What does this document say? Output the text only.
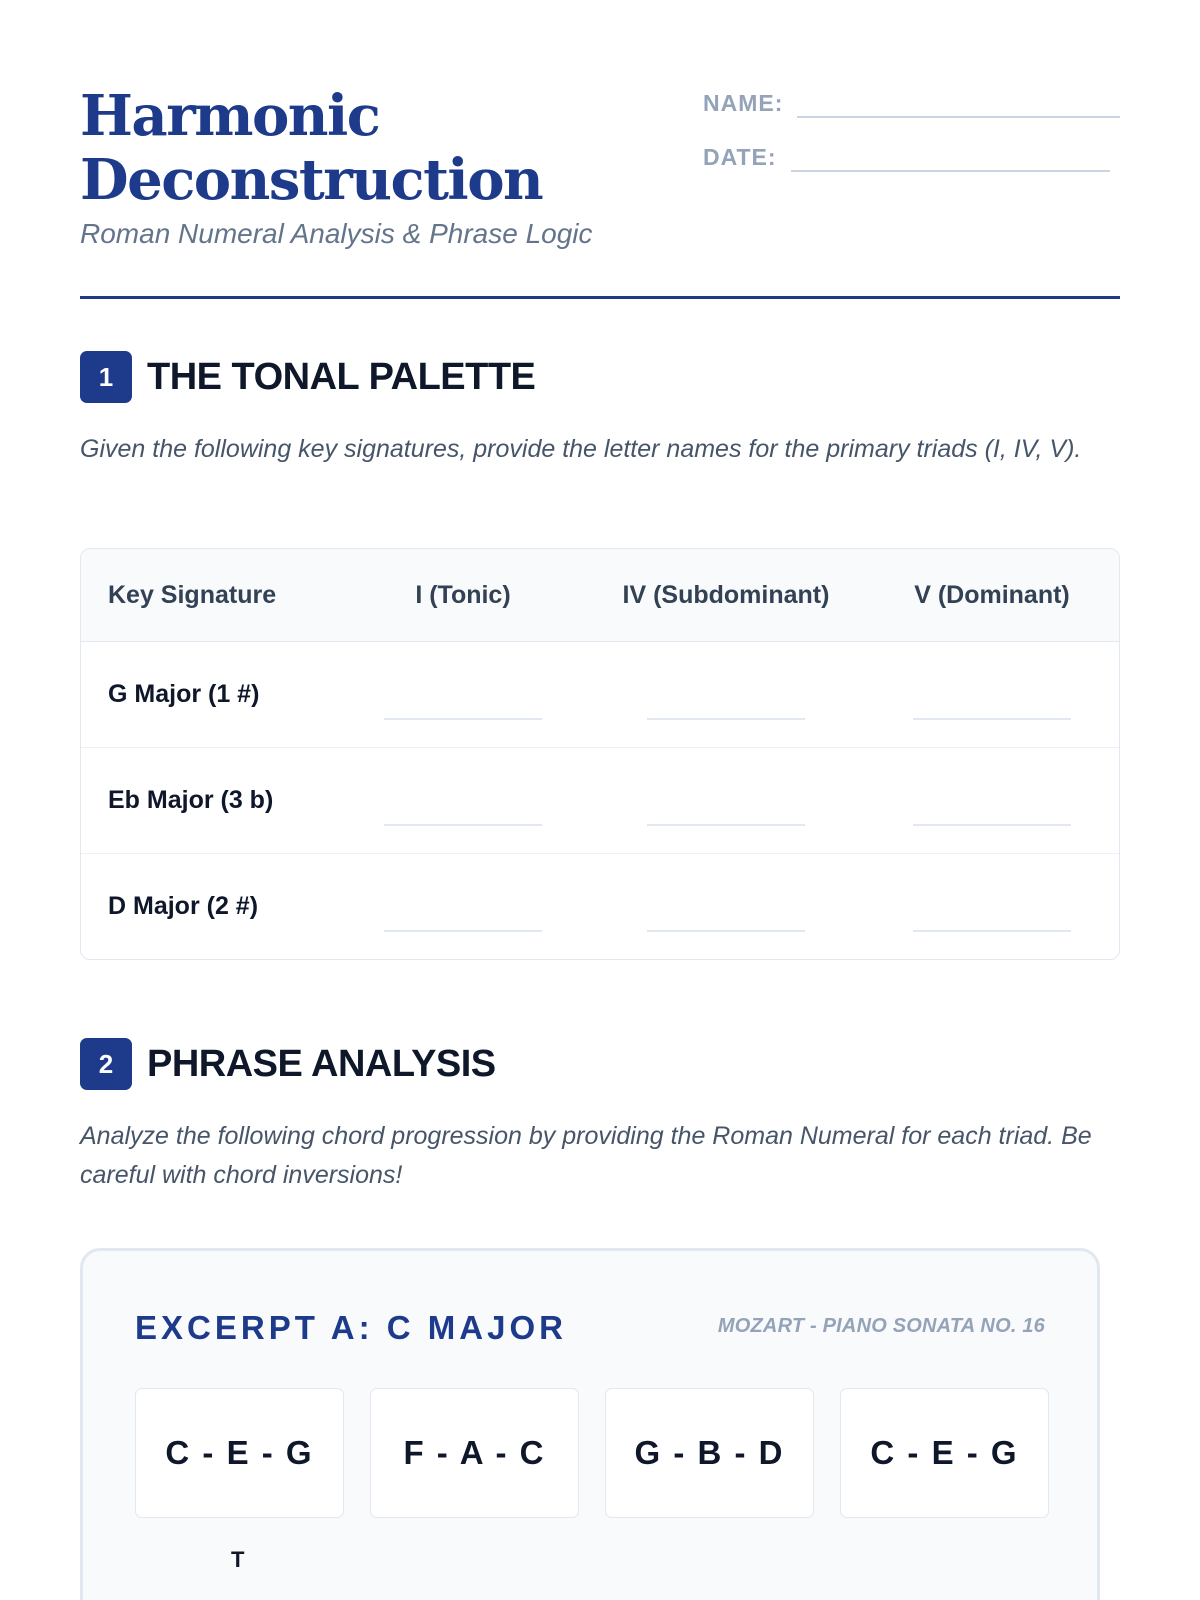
Harmonic Deconstruction

Roman Numeral Analysis & Phrase Logic

NAME:
DATE:
1 THE TONAL PALETTE

Given the following key signatures, provide the letter names for the primary triads (I, IV, V).

Key Signature	I (Tonic)	IV (Subdominant)	V (Dominant)
G Major (1 #)	

Eb Major (3 b)	

D Major (2 #)	

2 PHRASE ANALYSIS

Analyze the following chord progression by providing the Roman Numeral for each triad. Be careful with chord inversions!

EXCERPT A: C MAJOR	MOZART - PIANO SONATA NO. 16
C - E - G	F - A - C	G - B - D	C - E - G
T
